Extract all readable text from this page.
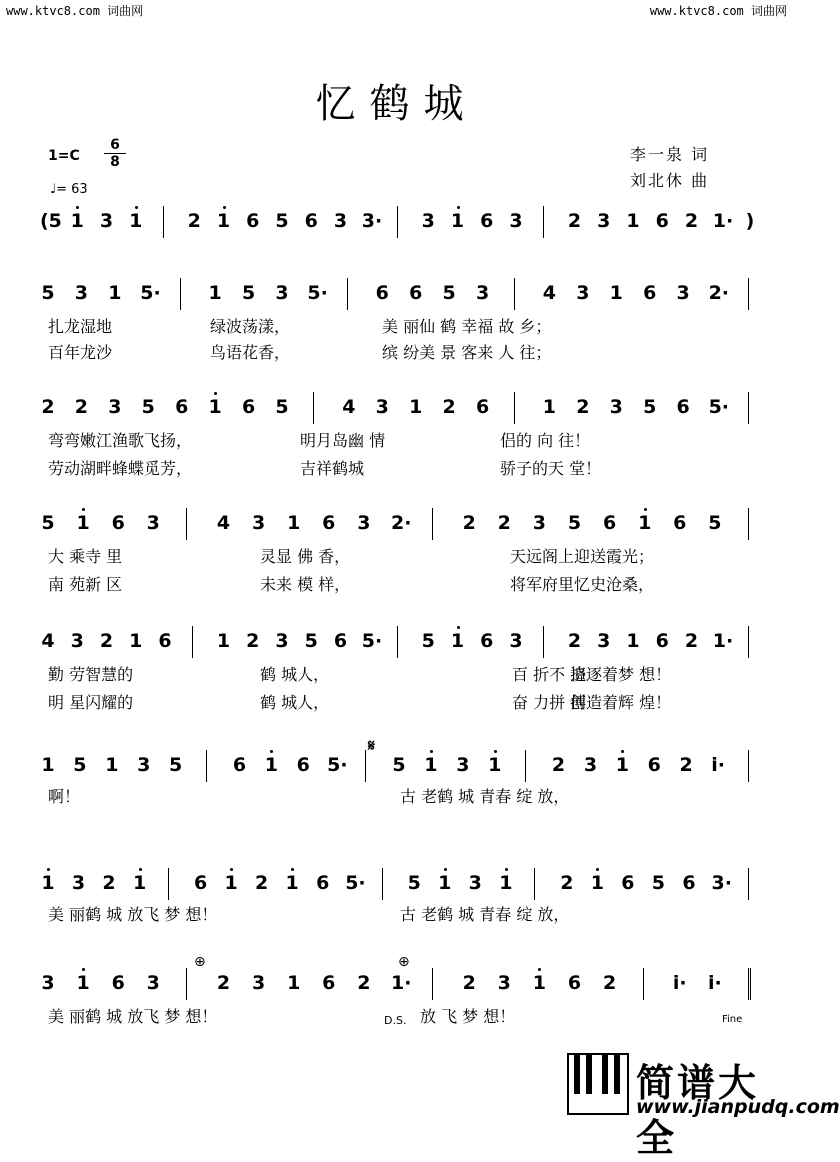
www.ktvc8.com 词曲网	www.ktvc8.com 词曲网
忆鹤城
1=C
6
8
♩= 63
李一泉 词
刘北休 曲
(5 1 3 1 2 1 6 5 6 3 3· 3 1 6 3 2 3 1 6 2 1· )
5 3 1 5·	1 5 3 5·	6 6 5 3	4 3 1 6 3 2·
扎龙湿地	绿波荡漾，	美 丽仙 鹤 幸福 故 乡；
百年龙沙	鸟语花香，	缤 纷美 景 客来 人 往；
2 2 3 5 6 1 6 5	4 3 1 2 6	1 2 3 5 6 5·
弯弯嫩江渔歌飞扬，	明月岛幽 情	侣的 向 往！
劳动湖畔蜂蝶觅芳，	吉祥鹤城	骄子的天 堂！
5 1 6 3	4 3 1 6 3 2·	2 2 3 5 6 1 6 5
大 乘寺 里	灵显 佛 香，	天远阁上迎送霞光；
南 苑新 区	未来 模 样，	将军府里忆史沧桑，
4 3 2 1 6 1 2 3 5 6 5· 5 1 6 3 2 3 1 6 2 1·
勤 劳智慧的	鹤 城人，	百 折不 挠
追逐着梦 想！
明 星闪耀的	鹤 城人，	奋 力拼 搏
创造着辉 煌！
1 5 1 3 5	6 1 6 5· 5 1 3 1	2 3 1 6 2 i·
啊！	古 老鹤 城 青春 绽 放，
1 3 2 1	6 1 2 1 6 5· 5 1 3 1	2 1 6 5 6 3·
美 丽鹤 城 放飞 梦 想！	古 老鹤 城 青春 绽 放，
3 1 6 3	2 3 1 6 2 1·	2 3 1 6 2	i· i·
美 丽鹤 城 放飞 梦 想！	放 飞 梦 想！
𝄋
⊕	⊕
D.S.	Fine
简谱大全
www.jianpudq.com
